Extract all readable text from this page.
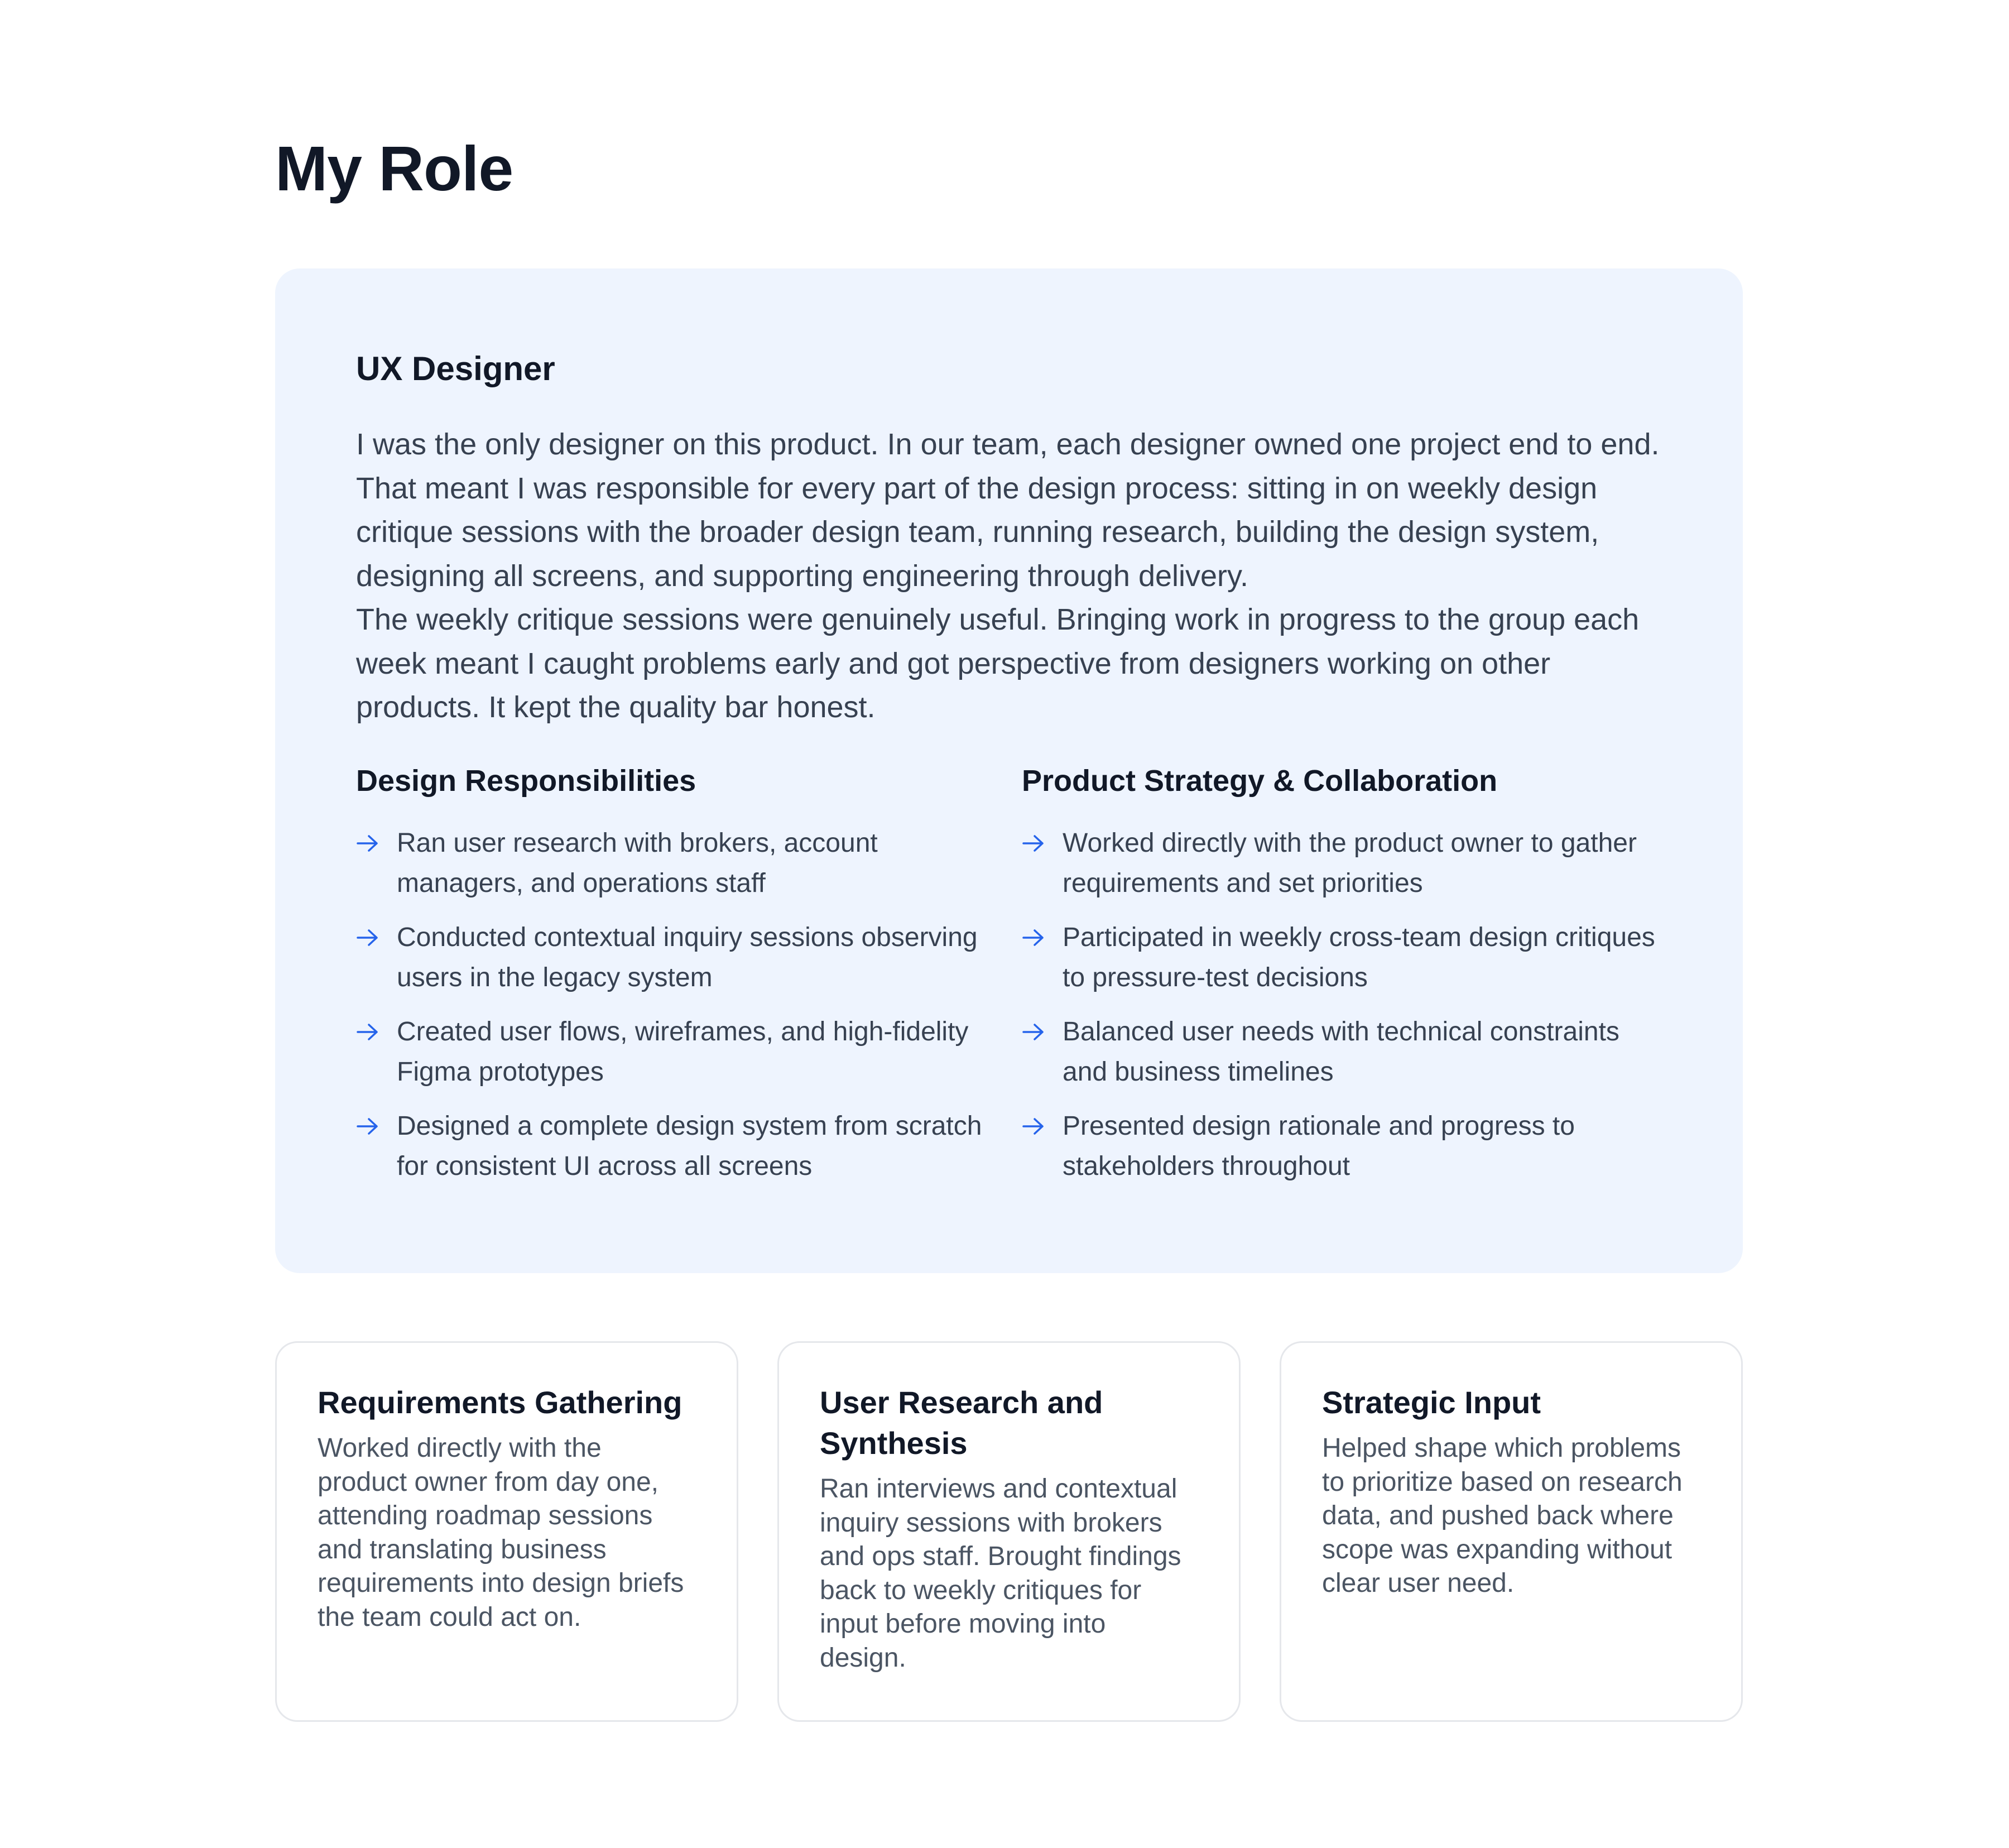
My Role
UX Designer

I was the only designer on this product. In our team, each designer owned one project end to end. That meant I was responsible for every part of the design process: sitting in on weekly design critique sessions with the broader design team, running research, building the design system, designing all screens, and supporting engineering through delivery.

The weekly critique sessions were genuinely useful. Bringing work in progress to the group each week meant I caught problems early and got perspective from designers working on other products. It kept the quality bar honest.

Design Responsibilities
Ran user research with brokers, account managers, and operations staff
Conducted contextual inquiry sessions observing users in the legacy system
Created user flows, wireframes, and high-fidelity Figma prototypes
Designed a complete design system from scratch for consistent UI across all screens
Product Strategy & Collaboration
Worked directly with the product owner to gather requirements and set priorities
Participated in weekly cross-team design critiques to pressure-test decisions
Balanced user needs with technical constraints and business timelines
Presented design rationale and progress to stakeholders throughout
Requirements Gathering
Worked directly with the product owner from day one, attending roadmap sessions and translating business requirements into design briefs the team could act on.
User Research and Synthesis
Ran interviews and contextual inquiry sessions with brokers and ops staff. Brought findings back to weekly critiques for input before moving into design.
Strategic Input
Helped shape which problems to prioritize based on research data, and pushed back where scope was expanding without clear user need.
